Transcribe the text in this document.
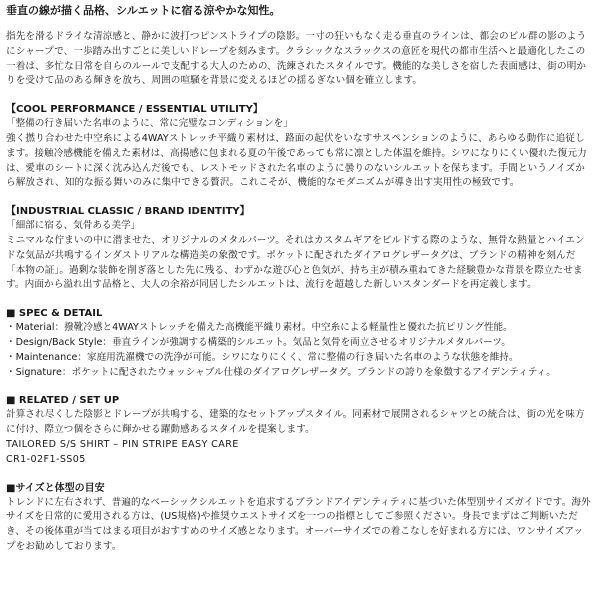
垂直の線が描く品格、シルエットに宿る涼やかな知性。

指先を滑るドライな清涼感と、静かに波打つピンストライプの陰影。一寸の狂いもなく走る垂直のラインは、都会のビル群の影のようにシャープで、一歩踏み出すごとに美しいドレープを刻みます。クラシックなスラックスの意匠を現代の都市生活へと最適化したこの一着は、多忙な日常を自らのルールで支配する大人のための、洗練されたスタイルです。機能的な美しさを宿した表面感は、街の明かりを受けて品のある輝きを放ち、周囲の喧騒を背景に変えるほどの揺るぎない個を確立します。

【COOL PERFORMANCE / ESSENTIAL UTILITY】
「整備の行き届いた名車のように、常に完璧なコンディションを」

強く撚り合わせた中空糸による4WAYストレッチ平織り素材は、路面の起伏をいなすサスペンションのように、あらゆる動作に追従します。接触冷感機能を備えた素材は、高揚感に包まれる夏の午後であっても常に凛とした体温を維持。シワになりにくい優れた復元力は、愛車のシートに深く沈み込んだ後でも、レストモッドされた名車のように曇りのないシルエットを保ちます。手間というノイズから解放され、知的な振る舞いのみに集中できる贅沢。これこそが、機能的なモダニズムが導き出す実用性の極致です。

【INDUSTRIAL CLASSIC / BRAND IDENTITY】
「細部に宿る、気骨ある美学」

ミニマルな佇まいの中に潜ませた、オリジナルのメタルパーツ。それはカスタムギアをビルドする際のような、無骨な熱量とハイエンドな気品が共鳴するインダストリアルな構造美の象徴です。ポケットに配されたダイアログレザータグは、ブランドの精神を刻んだ「本物の証」。過剰な装飾を削ぎ落とした先に残る、わずかな遊び心と色気が、持ち主が積み重ねてきた経験豊かな背景を際立たせます。内面から溢れ出す品格と、大人の余裕が同居したシルエットは、流行を超越した新しいスタンダードを再定義します。

■ SPEC & DETAIL
・Material：撥靴冷感と4WAYストレッチを備えた高機能平織り素材。中空糸による軽量性と優れた抗ピリング性能。
・Design/Back Style：垂直ラインが強調する構築的シルエット。気品と気骨を両立させるオリジナルメタルパーツ。
・Maintenance：家庭用洗濯機での洗浄が可能。シワになりにくく、常に整備の行き届いた名車のような状態を維持。
・Signature：ポケットに配されたウォッシャブル仕様のダイアログレザータグ。ブランドの誇りを象徴するアイデンティティ。
■ RELATED / SET UP

計算され尽くした陰影とドレープが共鳴する、建築的なセットアップスタイル。同素材で展開されるシャツとの統合は、街の光を味方に付け、際立つ個をさらに輝かせる躍動感あるスタイルを提案します。

TAILORED S/S SHIRT – PIN STRIPE EASY CARE
CR1-02F1-SS05
■サイズと体型の目安

トレンドに左右されず、普遍的なベーシックシルエットを追求するブランドアイデンティティに基づいた体型別サイズガイドです。海外サイズを日常的に愛用される方は、(US規格)や推奨ウエストサイズを一つの指標としてご参照ください。身長でまずはご判断いただき、その後体重が当てはまる項目がおすすめのサイズ感となります。オーバーサイズでの着こなしを好まれる方には、ワンサイズアップをお勧めしております。
